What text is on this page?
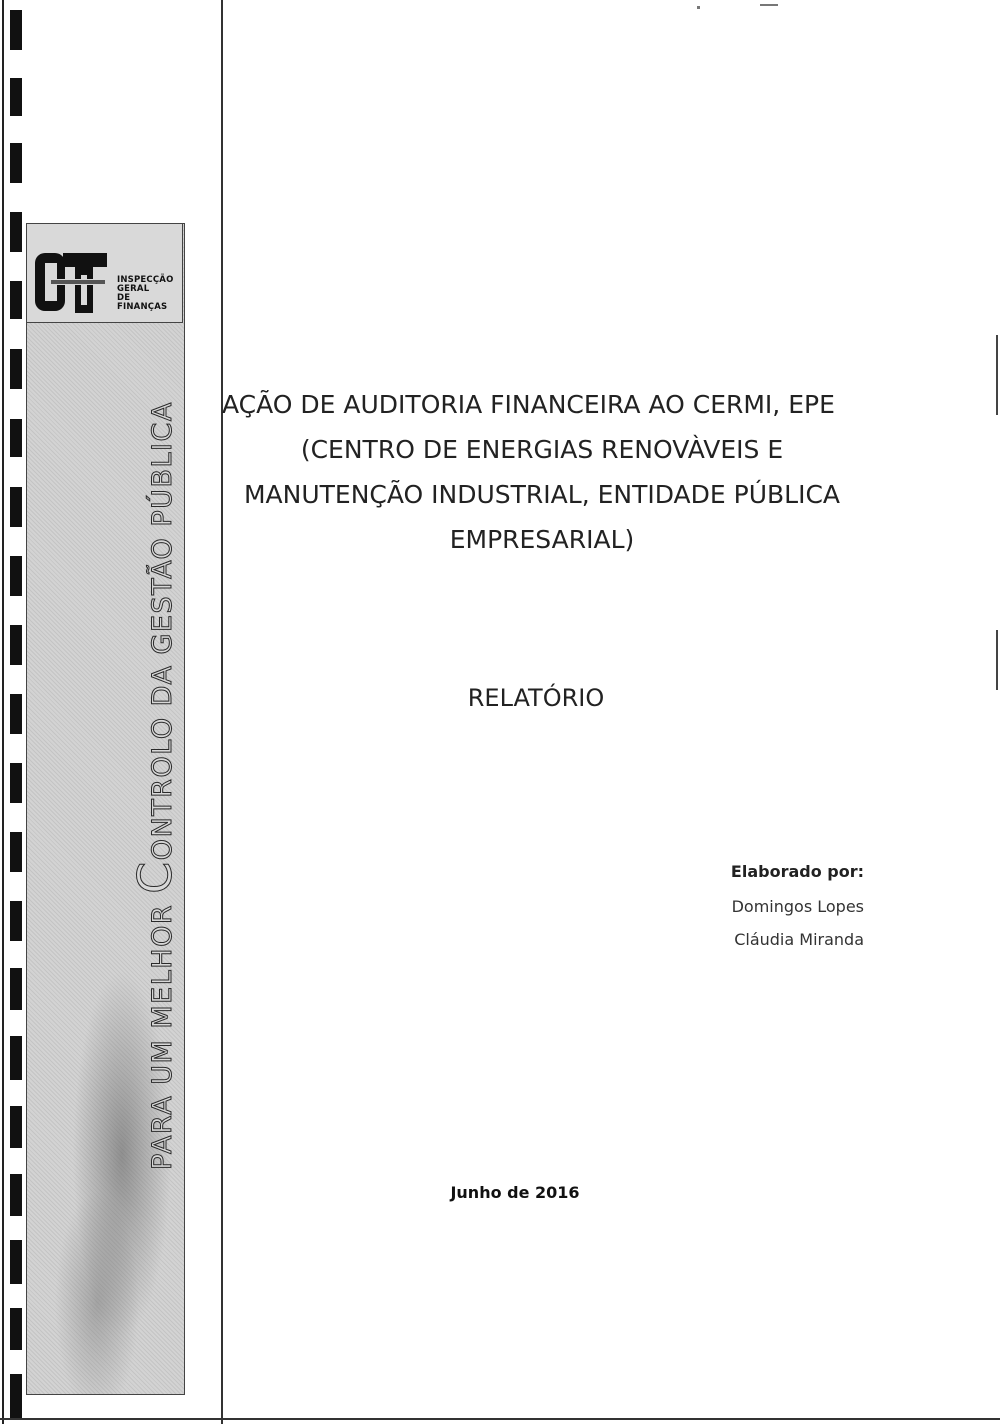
INSPECÇÃO
GERAL
DE FINANÇAS
PARA UM MELHOR CONTROLO DA GESTÃO PÚBLICA AÇÃO DE AUDITORIA FINANCEIRA AO CERMI, EPE
(CENTRO DE ENERGIAS RENOVÀVEIS E
MANUTENÇÃO INDUSTRIAL, ENTIDADE PÚBLICA
EMPRESARIAL)
RELATÓRIO
Elaborado por:
Domingos Lopes
Cláudia Miranda
Junho de 2016
